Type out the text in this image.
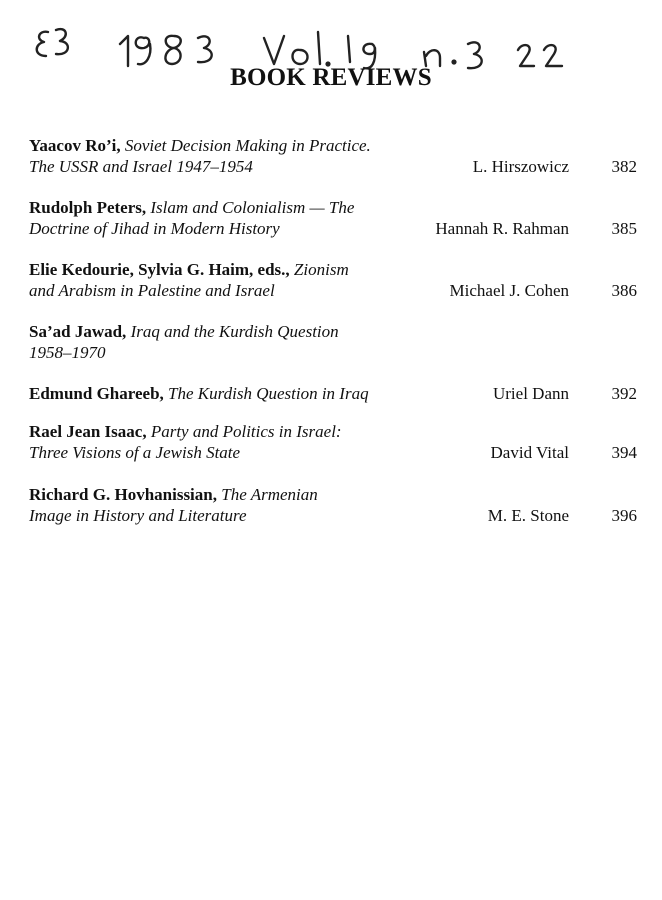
BOOK REVIEWS
Yaacov Ro’i, Soviet Decision Making in Practice.
The USSR and Israel 1947–1954	L. Hirszowicz	382
Rudolph Peters, Islam and Colonialism — The
Doctrine of Jihad in Modern History	Hannah R. Rahman	385
Elie Kedourie, Sylvia G. Haim, eds., Zionism
and Arabism in Palestine and Israel	Michael J. Cohen	386
Sa’ad Jawad, Iraq and the Kurdish Question
1958–1970
Edmund Ghareeb, The Kurdish Question in Iraq	Uriel Dann	392
Rael Jean Isaac, Party and Politics in Israel:
Three Visions of a Jewish State	David Vital	394
Richard G. Hovhanissian, The Armenian
Image in History and Literature	M. E. Stone	396
